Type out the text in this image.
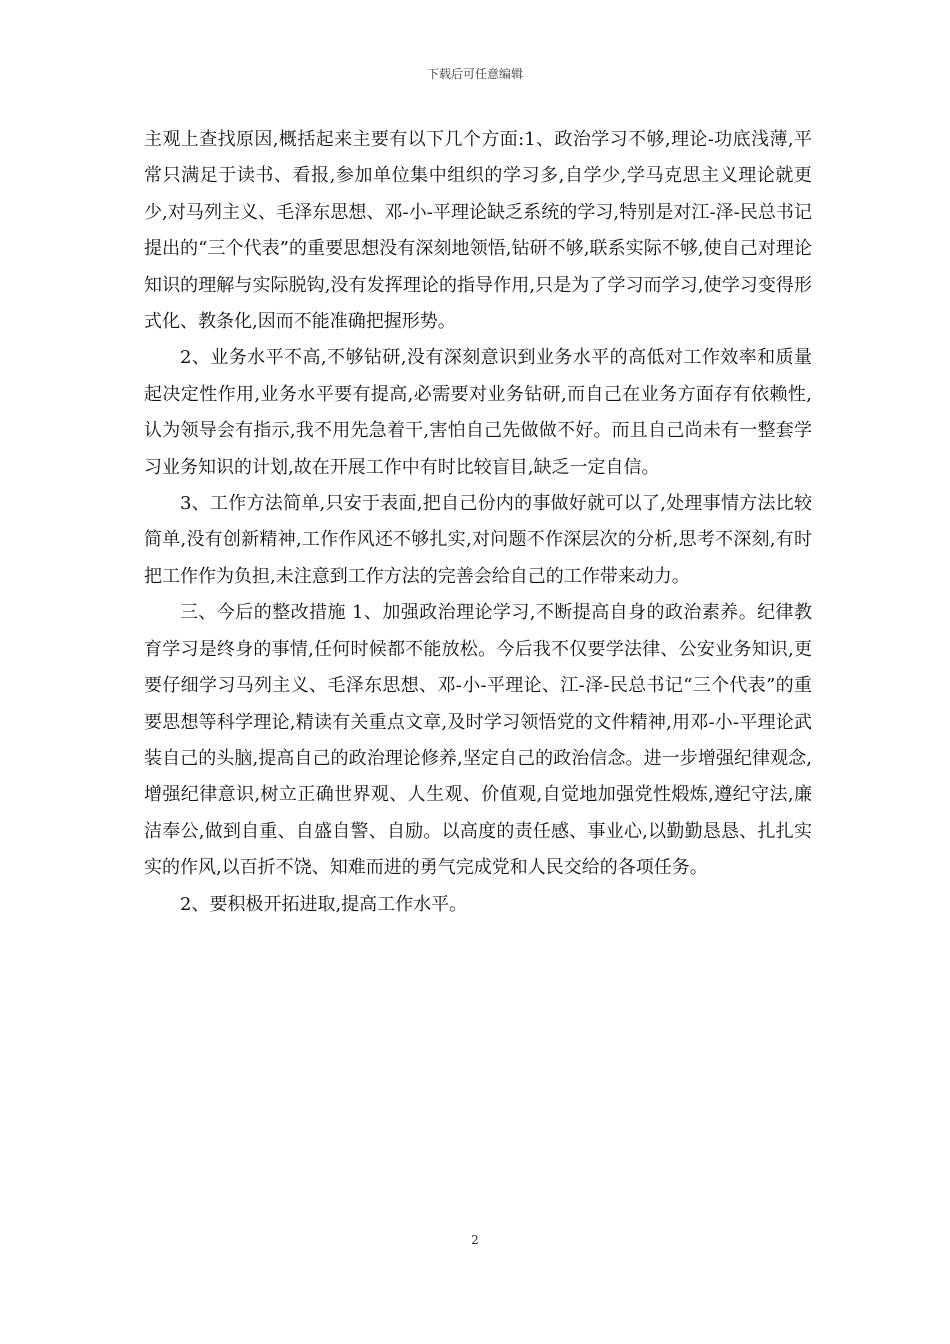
下载后可任意编辑

主观上查找原因,概括起来主要有以下几个方面:1、政治学习不够,理论-功底浅薄,平常只满足于读书、看报,参加单位集中组织的学习多,自学少,学马克思主义理论就更少,对马列主义、毛泽东思想、邓-小-平理论缺乏系统的学习,特别是对江-泽-民总书记提出的“三个代表”的重要思想没有深刻地领悟,钻研不够,联系实际不够,使自己对理论知识的理解与实际脱钩,没有发挥理论的指导作用,只是为了学习而学习,使学习变得形式化、教条化,因而不能准确把握形势。

2、业务水平不高,不够钻研,没有深刻意识到业务水平的高低对工作效率和质量起决定性作用,业务水平要有提高,必需要对业务钻研,而自己在业务方面存有依赖性,认为领导会有指示,我不用先急着干,害怕自己先做做不好。而且自己尚未有一整套学习业务知识的计划,故在开展工作中有时比较盲目,缺乏一定自信。

3、工作方法简单,只安于表面,把自己份内的事做好就可以了,处理事情方法比较简单,没有创新精神,工作作风还不够扎实,对问题不作深层次的分析,思考不深刻,有时把工作作为负担,未注意到工作方法的完善会给自己的工作带来动力。

三、今后的整改措施 1、加强政治理论学习,不断提高自身的政治素养。纪律教育学习是终身的事情,任何时候都不能放松。今后我不仅要学法律、公安业务知识,更要仔细学习马列主义、毛泽东思想、邓-小-平理论、江-泽-民总书记“三个代表”的重要思想等科学理论,精读有关重点文章,及时学习领悟党的文件精神,用邓-小-平理论武装自己的头脑,提高自己的政治理论修养,坚定自己的政治信念。进一步增强纪律观念,增强纪律意识,树立正确世界观、人生观、价值观,自觉地加强党性煅炼,遵纪守法,廉洁奉公,做到自重、自盛自警、自励。以高度的责任感、事业心,以勤勤恳恳、扎扎实实的作风,以百折不饶、知难而进的勇气完成党和人民交给的各项任务。

2、要积极开拓进取,提高工作水平。

2
